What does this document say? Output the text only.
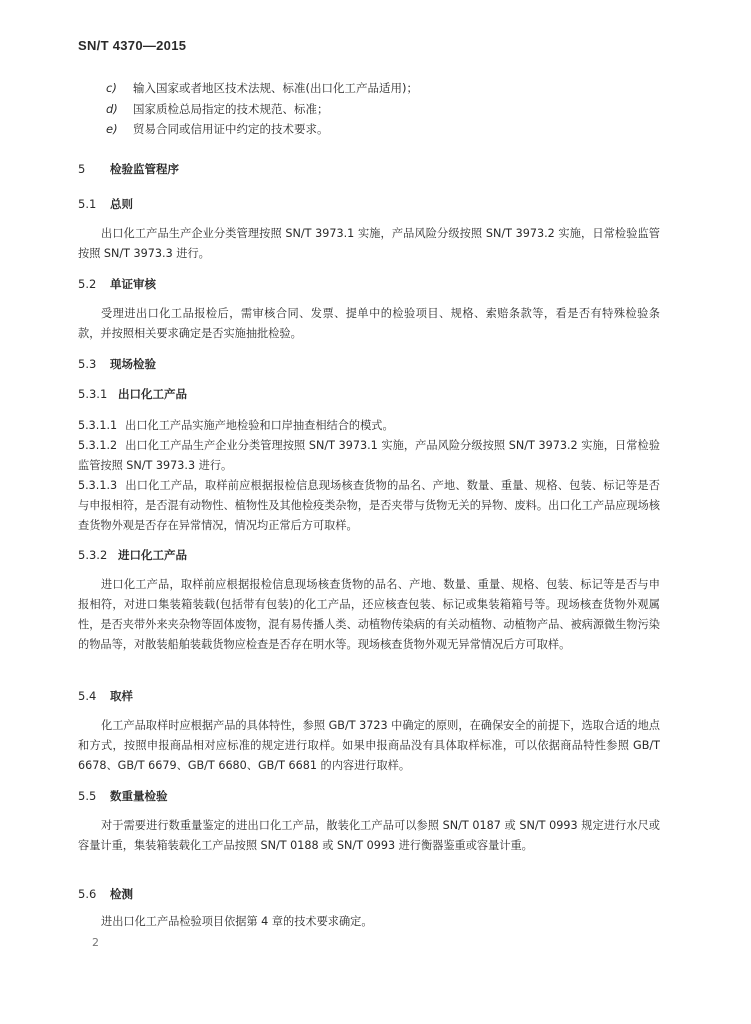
SN/T 4370—2015
c) 输入国家或者地区技术法规、标准(出口化工产品适用)；
d) 国家质检总局指定的技术规范、标准；
e) 贸易合同或信用证中约定的技术要求。
5 检验监管程序
5.1 总则

出口化工产品生产企业分类管理按照 SN/T 3973.1 实施，产品风险分级按照 SN/T 3973.2 实施，日常检验监管按照 SN/T 3973.3 进行。

5.2 单证审核

受理进出口化工品报检后，需审核合同、发票、提单中的检验项目、规格、索赔条款等，看是否有特殊检验条款，并按照相关要求确定是否实施抽批检验。

5.3 现场检验
5.3.1 出口化工产品

5.3.1.1 出口化工产品实施产地检验和口岸抽查相结合的模式。

5.3.1.2 出口化工产品生产企业分类管理按照 SN/T 3973.1 实施，产品风险分级按照 SN/T 3973.2 实施，日常检验监管按照 SN/T 3973.3 进行。

5.3.1.3 出口化工产品，取样前应根据报检信息现场核查货物的品名、产地、数量、重量、规格、包装、标记等是否与申报相符，是否混有动物性、植物性及其他检疫类杂物，是否夹带与货物无关的异物、废料。出口化工产品应现场核查货物外观是否存在异常情况，情况均正常后方可取样。

5.3.2 进口化工产品

进口化工产品，取样前应根据报检信息现场核查货物的品名、产地、数量、重量、规格、包装、标记等是否与申报相符，对进口集装箱装载(包括带有包装)的化工产品，还应核查包装、标记或集装箱箱号等。现场核查货物外观属性，是否夹带外来夹杂物等固体废物，混有易传播人类、动植物传染病的有关动植物、动植物产品、被病源微生物污染的物品等，对散装船舶装载货物应检查是否存在明水等。现场核查货物外观无异常情况后方可取样。

5.4 取样

化工产品取样时应根据产品的具体特性，参照 GB/T 3723 中确定的原则，在确保安全的前提下，选取合适的地点和方式，按照申报商品相对应标准的规定进行取样。如果申报商品没有具体取样标准，可以依据商品特性参照 GB/T 6678、GB/T 6679、GB/T 6680、GB/T 6681 的内容进行取样。

5.5 数重量检验

对于需要进行数重量鉴定的进出口化工产品，散装化工产品可以参照 SN/T 0187 或 SN/T 0993 规定进行水尺或容量计重，集装箱装载化工产品按照 SN/T 0188 或 SN/T 0993 进行衡器鉴重或容量计重。

5.6 检测

进出口化工产品检验项目依据第 4 章的技术要求确定。

2
